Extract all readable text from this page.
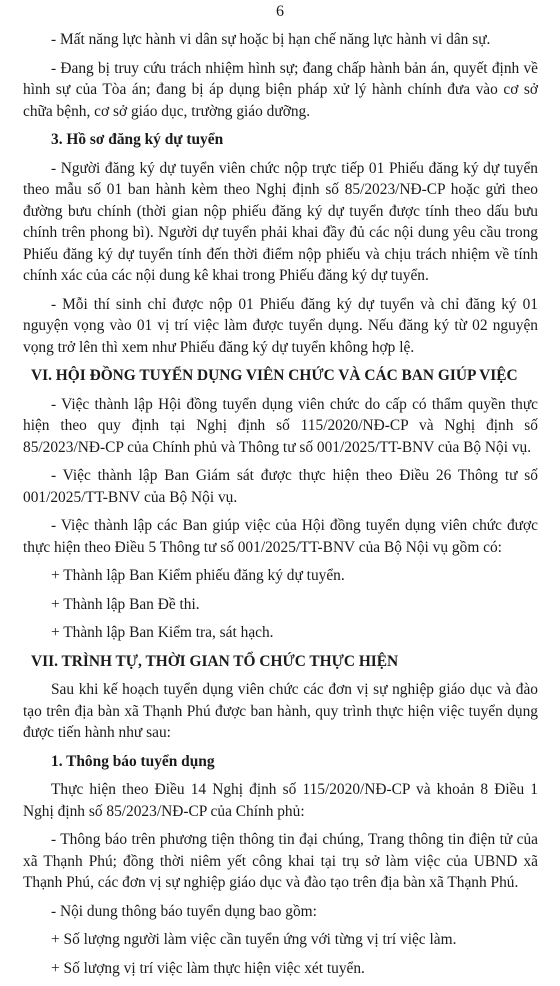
6
- Mất năng lực hành vi dân sự hoặc bị hạn chế năng lực hành vi dân sự.
- Đang bị truy cứu trách nhiệm hình sự; đang chấp hành bản án, quyết định về hình sự của Tòa án; đang bị áp dụng biện pháp xử lý hành chính đưa vào cơ sở chữa bệnh, cơ sở giáo dục, trường giáo dưỡng.
3. Hồ sơ đăng ký dự tuyển
- Người đăng ký dự tuyển viên chức nộp trực tiếp 01 Phiếu đăng ký dự tuyển theo mẫu số 01 ban hành kèm theo Nghị định số 85/2023/NĐ-CP hoặc gửi theo đường bưu chính (thời gian nộp phiếu đăng ký dự tuyển được tính theo dấu bưu chính trên phong bì). Người dự tuyển phải khai đầy đủ các nội dung yêu cầu trong Phiếu đăng ký dự tuyển tính đến thời điểm nộp phiếu và chịu trách nhiệm về tính chính xác của các nội dung kê khai trong Phiếu đăng ký dự tuyển.
- Mỗi thí sinh chỉ được nộp 01 Phiếu đăng ký dự tuyển và chỉ đăng ký 01 nguyện vọng vào 01 vị trí việc làm được tuyển dụng. Nếu đăng ký từ 02 nguyện vọng trở lên thì xem như Phiếu đăng ký dự tuyển không hợp lệ.
VI. HỘI ĐỒNG TUYỂN DỤNG VIÊN CHỨC VÀ CÁC BAN GIÚP VIỆC
- Việc thành lập Hội đồng tuyển dụng viên chức do cấp có thẩm quyền thực hiện theo quy định tại Nghị định số 115/2020/NĐ-CP và Nghị định số 85/2023/NĐ-CP của Chính phủ và Thông tư số 001/2025/TT-BNV của Bộ Nội vụ.
- Việc thành lập Ban Giám sát được thực hiện theo Điều 26 Thông tư số 001/2025/TT-BNV của Bộ Nội vụ.
- Việc thành lập các Ban giúp việc của Hội đồng tuyển dụng viên chức được thực hiện theo Điều 5 Thông tư số 001/2025/TT-BNV của Bộ Nội vụ gồm có:
+ Thành lập Ban Kiểm phiếu đăng ký dự tuyển.
+ Thành lập Ban Đề thi.
+ Thành lập Ban Kiểm tra, sát hạch.
VII. TRÌNH TỰ, THỜI GIAN TỔ CHỨC THỰC HIỆN
Sau khi kế hoạch tuyển dụng viên chức các đơn vị sự nghiệp giáo dục và đào tạo trên địa bàn xã Thạnh Phú được ban hành, quy trình thực hiện việc tuyển dụng được tiến hành như sau:
1. Thông báo tuyển dụng
Thực hiện theo Điều 14 Nghị định số 115/2020/NĐ-CP và khoản 8 Điều 1 Nghị định số 85/2023/NĐ-CP của Chính phủ:
- Thông báo trên phương tiện thông tin đại chúng, Trang thông tin điện tử của xã Thạnh Phú; đồng thời niêm yết công khai tại trụ sở làm việc của UBND xã Thạnh Phú, các đơn vị sự nghiệp giáo dục và đào tạo trên địa bàn xã Thạnh Phú.
- Nội dung thông báo tuyển dụng bao gồm:
+ Số lượng người làm việc cần tuyển ứng với từng vị trí việc làm.
+ Số lượng vị trí việc làm thực hiện việc xét tuyển.
